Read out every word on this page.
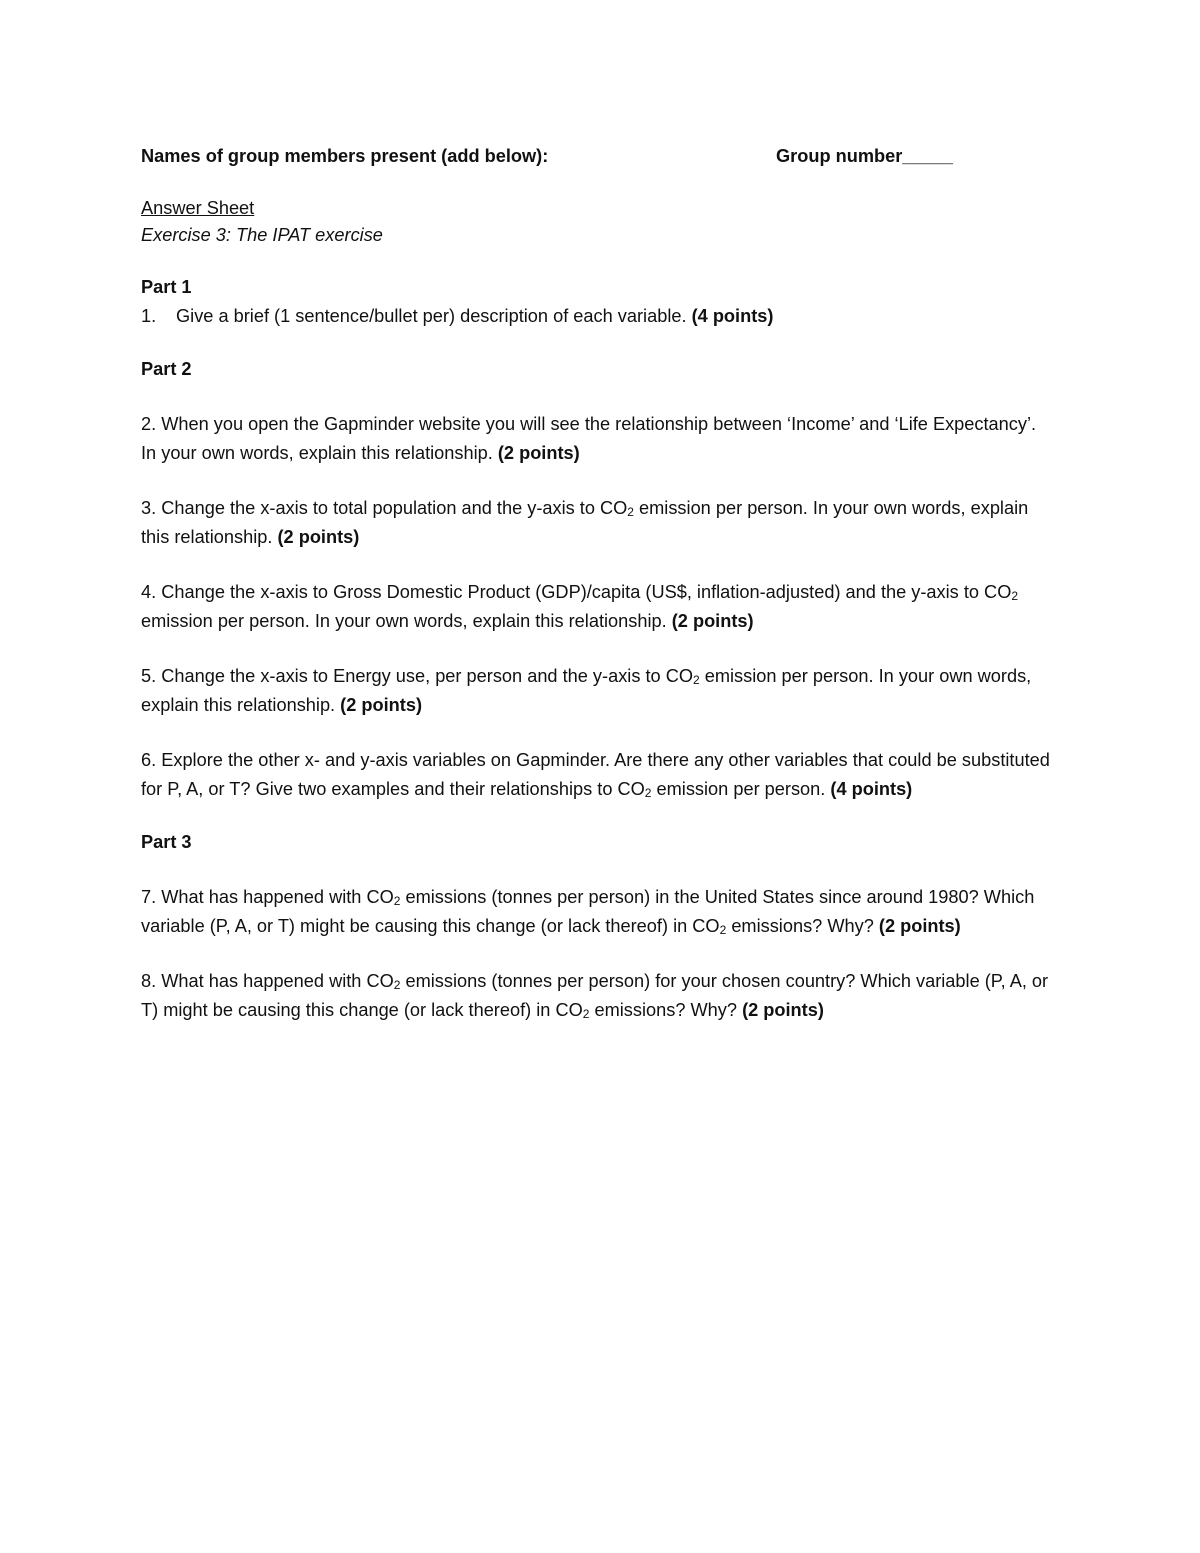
Names of group members present (add below):	Group number_____
Answer Sheet
Exercise 3: The IPAT exercise
Part 1
1. Give a brief (1 sentence/bullet per) description of each variable. (4 points)
Part 2
2. When you open the Gapminder website you will see the relationship between ‘Income’ and ‘Life Expectancy’. In your own words, explain this relationship. (2 points)
3. Change the x-axis to total population and the y-axis to $CO_2$ emission per person. In your own words, explain this relationship. (2 points)
4. Change the x-axis to Gross Domestic Product (GDP)/capita (US$, inflation-adjusted) and the y-axis to $CO_2$ emission per person. In your own words, explain this relationship. (2 points)
5. Change the x-axis to Energy use, per person and the y-axis to $CO_2$ emission per person. In your own words, explain this relationship. (2 points)
6. Explore the other x- and y-axis variables on Gapminder. Are there any other variables that could be substituted for P, A, or T? Give two examples and their relationships to $CO_2$ emission per person. (4 points)
Part 3
7. What has happened with $CO_2$ emissions (tonnes per person) in the United States since around 1980? Which variable (P, A, or T) might be causing this change (or lack thereof) in $CO_2$ emissions? Why? (2 points)
8. What has happened with $CO_2$ emissions (tonnes per person) for your chosen country? Which variable (P, A, or T) might be causing this change (or lack thereof) in $CO_2$ emissions? Why? (2 points)
